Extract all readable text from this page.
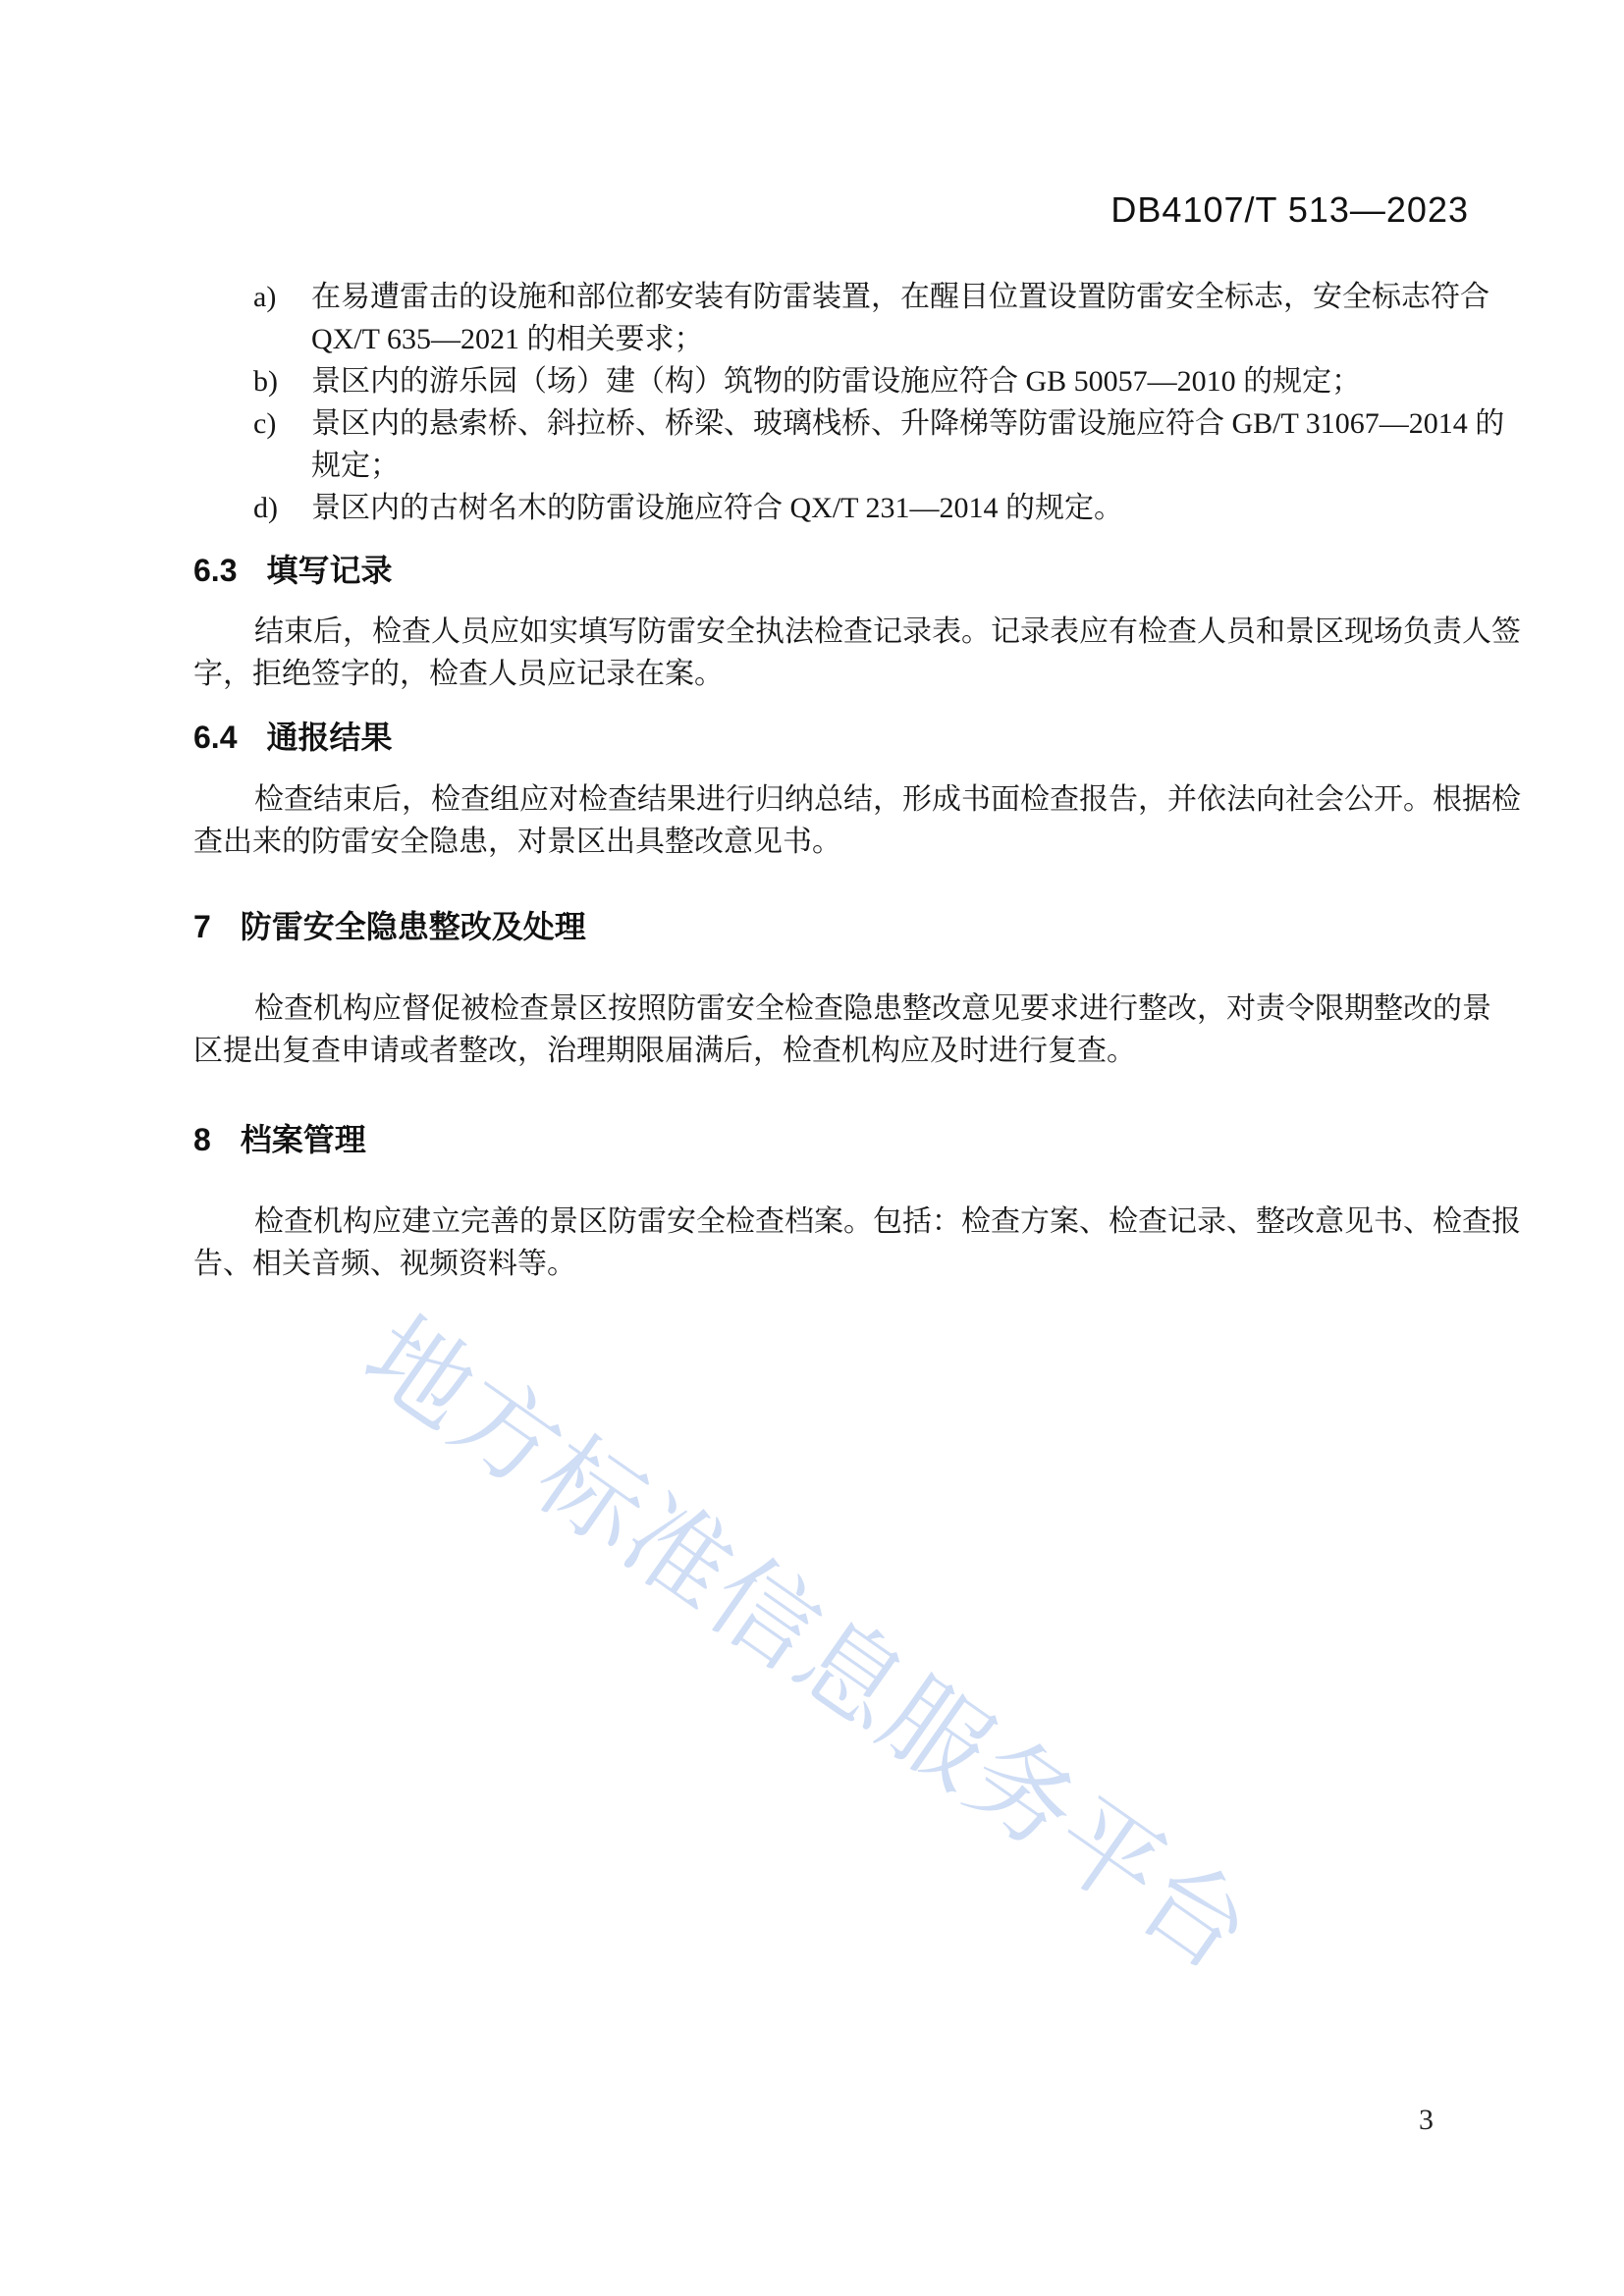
DB4107/T 513—2023
a) 在易遭雷击的设施和部位都安装有防雷装置，在醒目位置设置防雷安全标志，安全标志符合
QX/T 635—2021 的相关要求；
b) 景区内的游乐园（场）建（构）筑物的防雷设施应符合 GB 50057—2010 的规定；
c) 景区内的悬索桥、斜拉桥、桥梁、玻璃栈桥、升降梯等防雷设施应符合 GB/T 31067—2014 的
规定；
d) 景区内的古树名木的防雷设施应符合 QX/T 231—2014 的规定。
6.3 填写记录
结束后，检查人员应如实填写防雷安全执法检查记录表。记录表应有检查人员和景区现场负责人签
字，拒绝签字的，检查人员应记录在案。
6.4 通报结果
检查结束后，检查组应对检查结果进行归纳总结，形成书面检查报告，并依法向社会公开。根据检
查出来的防雷安全隐患，对景区出具整改意见书。
7 防雷安全隐患整改及处理
检查机构应督促被检查景区按照防雷安全检查隐患整改意见要求进行整改，对责令限期整改的景
区提出复查申请或者整改，治理期限届满后，检查机构应及时进行复查。
8 档案管理
检查机构应建立完善的景区防雷安全检查档案。包括：检查方案、检查记录、整改意见书、检查报
告、相关音频、视频资料等。
地方标准信息服务平台
3
